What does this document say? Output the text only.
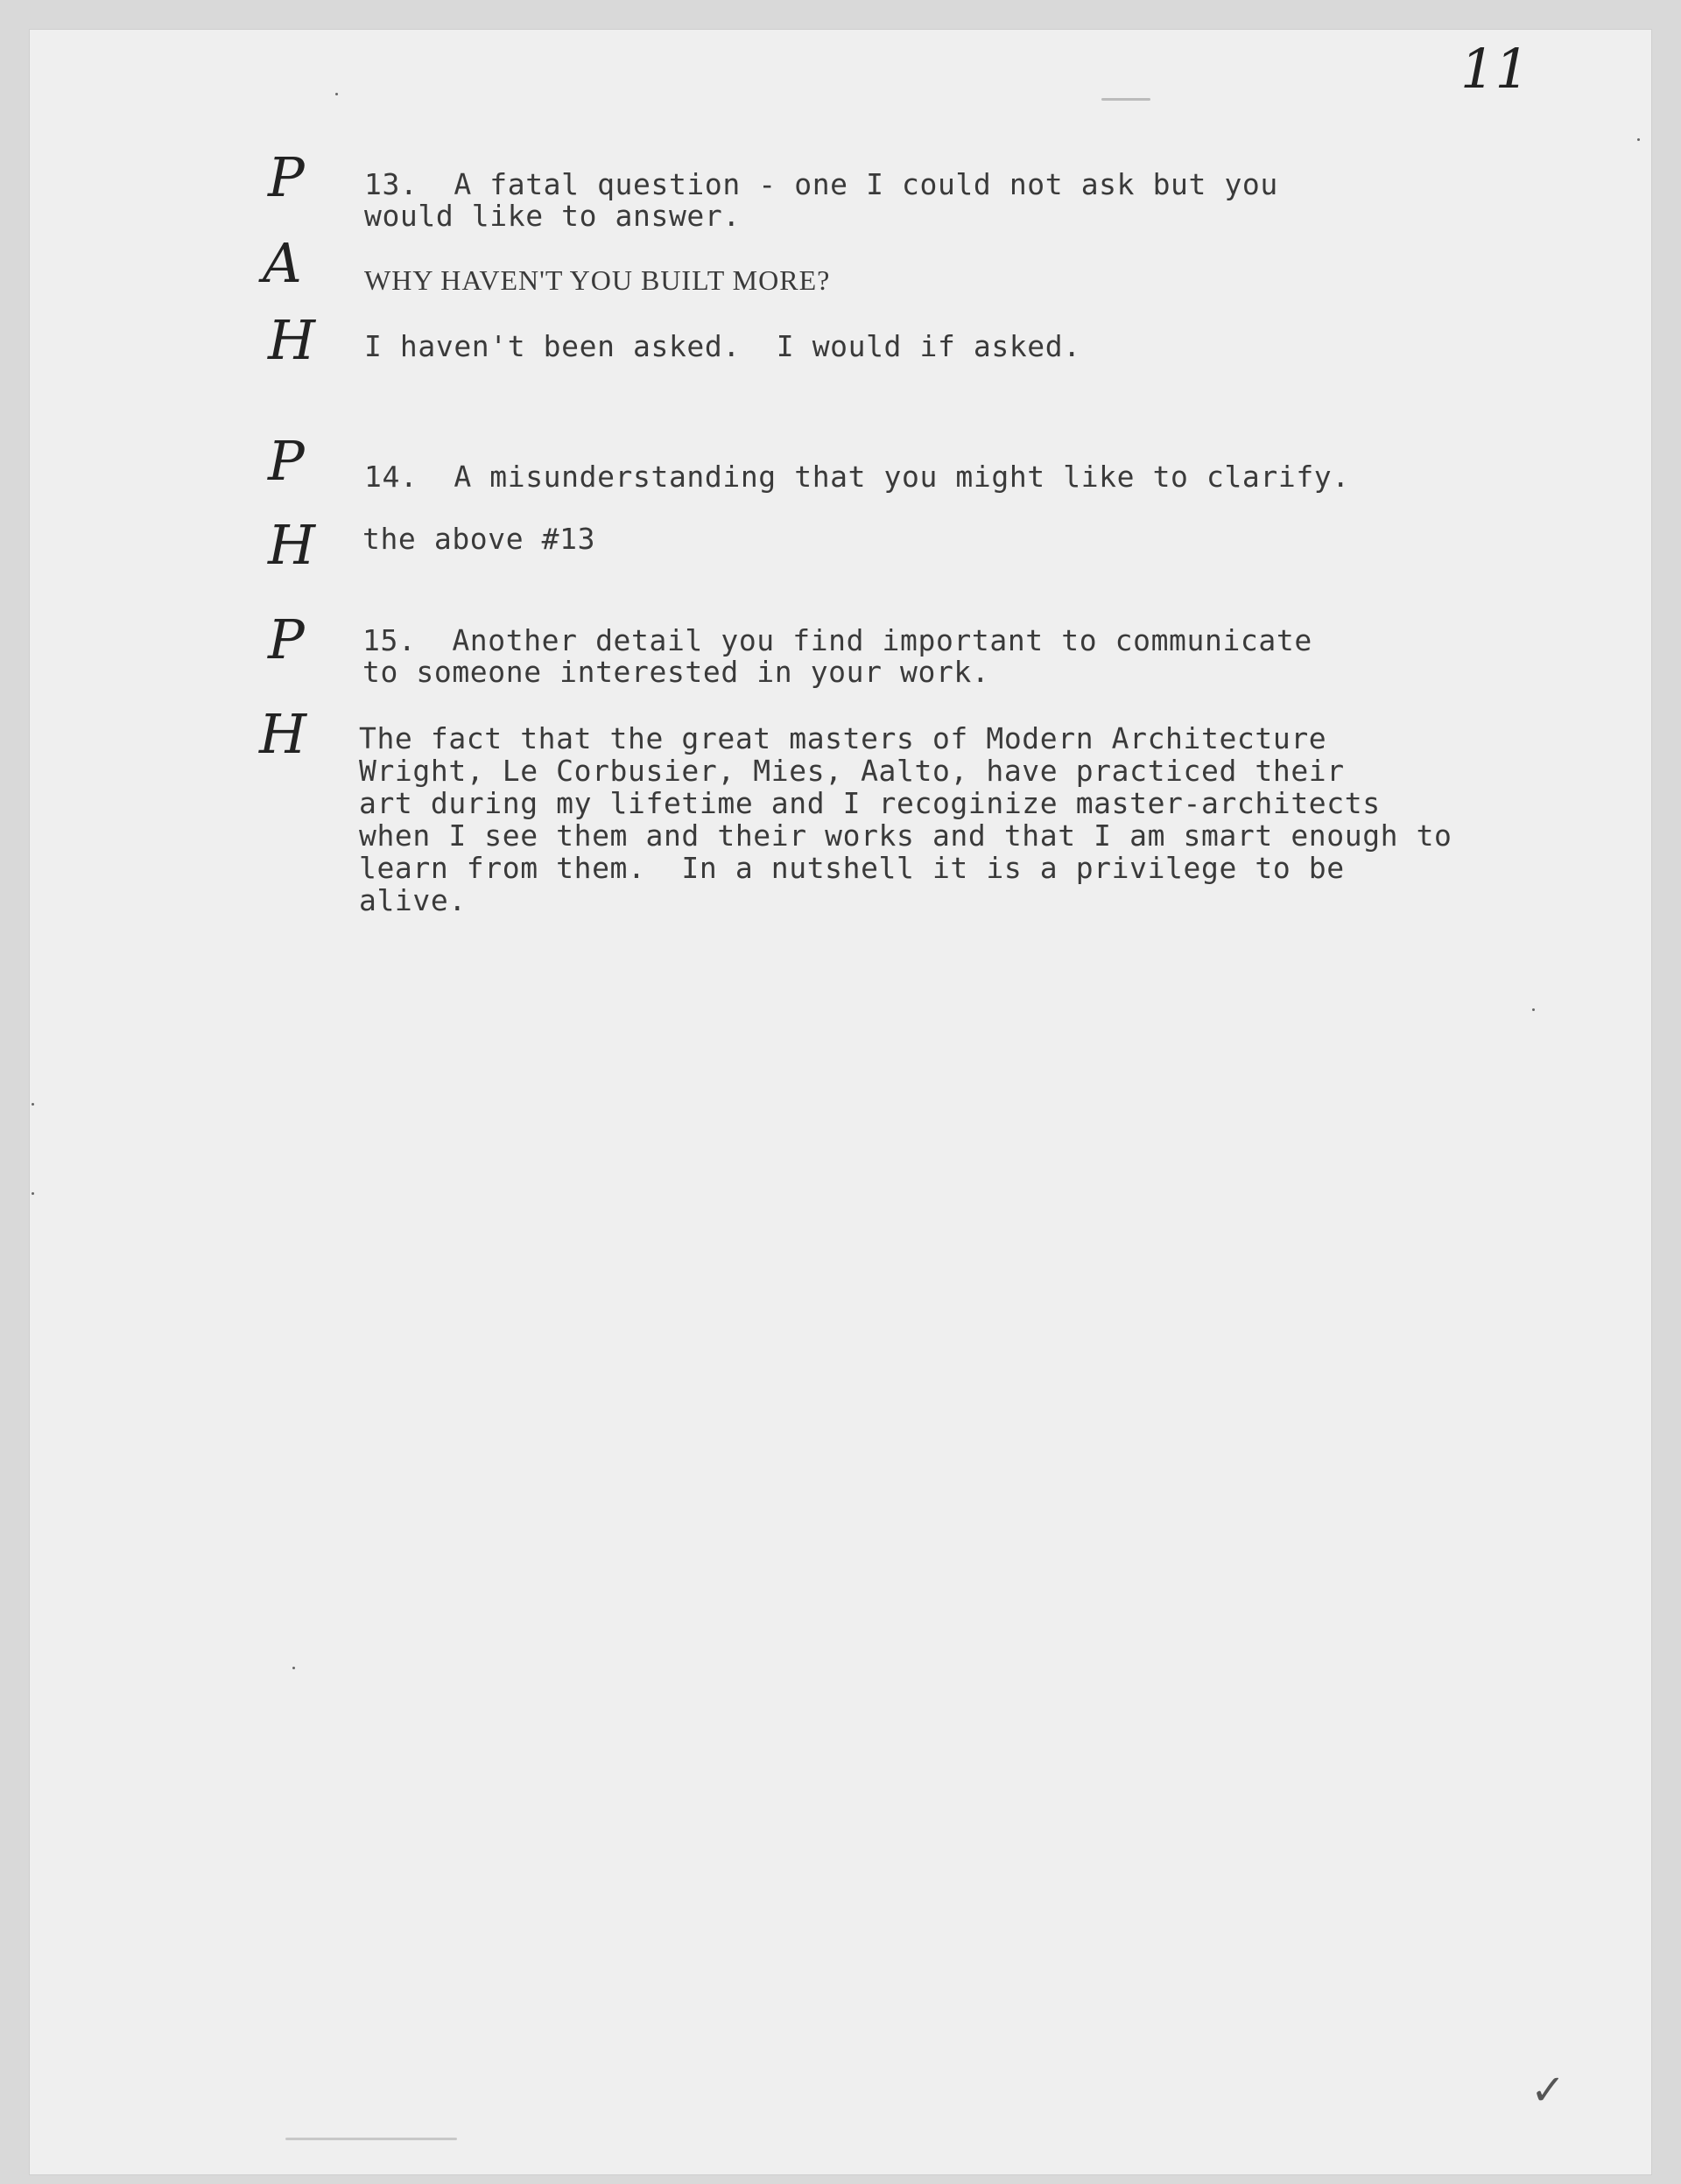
11
P 13.  A fatal question - one I could not ask but you
would like to answer.
A WHY HAVEN'T YOU BUILT MORE?
H I haven't been asked.  I would if asked.
P 14.  A misunderstanding that you might like to clarify.
H the above #13
P 15.  Another detail you find important to communicate
to someone interested in your work.
H The fact that the great masters of Modern Architecture
Wright, Le Corbusier, Mies, Aalto, have practiced their
art during my lifetime and I recoginize master-architects
when I see them and their works and that I am smart enough to
learn from them.  In a nutshell it is a privilege to be
alive.
✓
